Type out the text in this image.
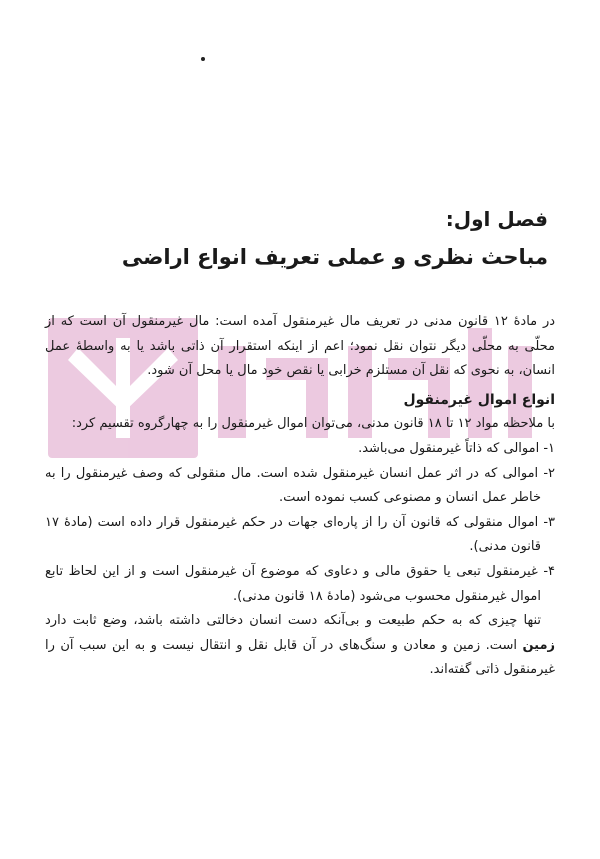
فصل اول:
مباحث نظری و عملی تعریف انواع اراضی

در مادهٔ ۱۲ قانون مدنی در تعریف مال غیرمنقول آمده است: مال غیرمنقول آن است که از محلّی به محلّی دیگر نتوان نقل نمود؛ اعم از اینکه استقرار آن ذاتی باشد یا به واسطهٔ عمل انسان، به نحوی که نقل آن مستلزم خرابی یا نقص خود مال یا محل آن شود.

انواع اموال غیرمنقول

با ملاحظه مواد ۱۲ تا ۱۸ قانون مدنی، می‌توان اموال غیرمنقول را به چهارگروه تقسیم کرد:

۱- اموالی که ذاتاً غیرمنقول می‌باشد.

۲- اموالی که در اثر عمل انسان غیرمنقول شده است. مال منقولی که وصف غیرمنقول را به خاطر عمل انسان و مصنوعی کسب نموده است.

۳- اموال منقولی که قانون آن را از پاره‌ای جهات در حکم غیرمنقول قرار داده است (مادهٔ ۱۷ قانون مدنی).

۴- غیرمنقول تبعی یا حقوق مالی و دعاوی که موضوع آن غیرمنقول است و از این لحاظ تابع اموال غیرمنقول محسوب می‌شود (مادهٔ ۱۸ قانون مدنی).

تنها چیزی که به حکم طبیعت و بی‌آنکه دست انسان دخالتی داشته باشد، وضع ثابت دارد زمین است. زمین و معادن و سنگ‌های در آن قابل نقل و انتقال نیست و به این سبب آن را غیرمنقول ذاتی گفته‌اند.
